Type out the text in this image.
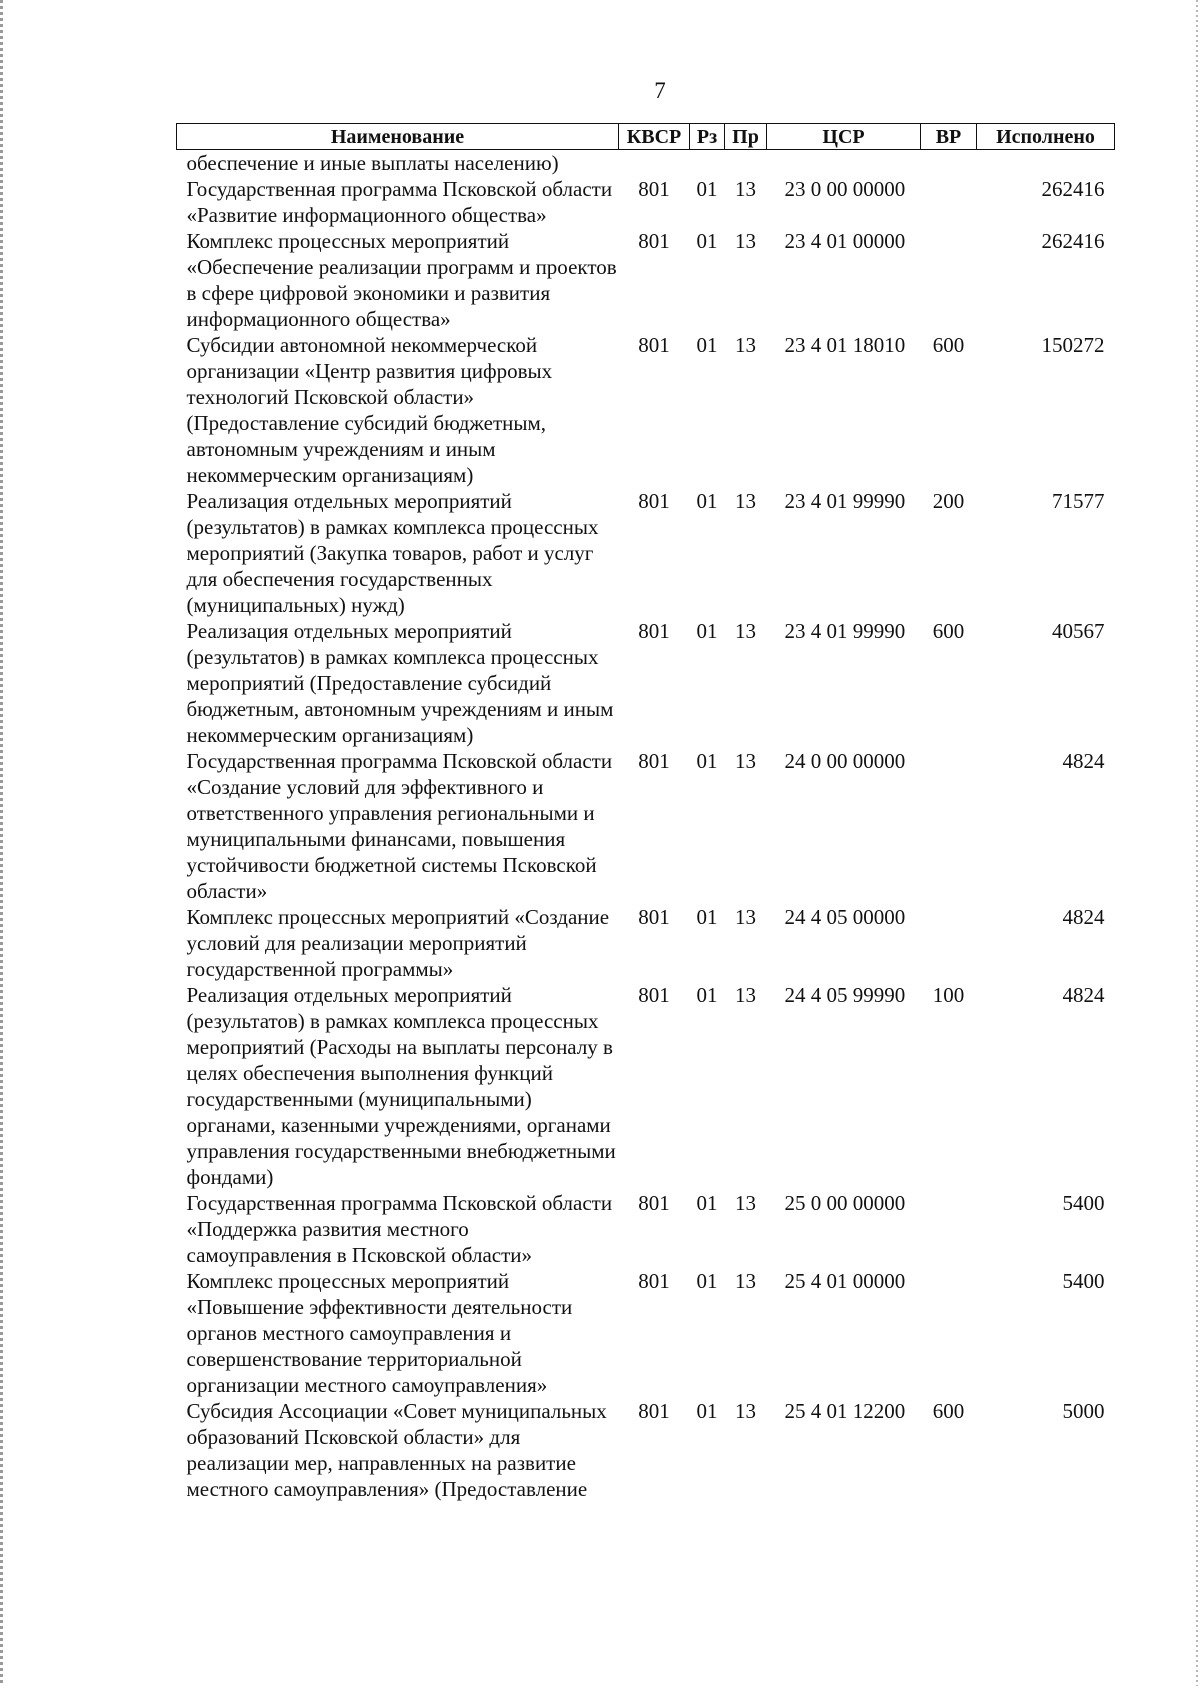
7
Наименование	КВСР	Рз	Пр	ЦСР	ВР	Исполнено
обеспечение и иные выплаты населению)						
Государственная программа Псковской области «Развитие информационного общества»	801	01	13	23 0 00 00000		262416
Комплекс процессных мероприятий «Обеспечение реализации программ и проектов в сфере цифровой экономики и развития информационного общества»	801	01	13	23 4 01 00000		262416
Субсидии автономной некоммерческой организации «Центр развития цифровых технологий Псковской области» (Предоставление субсидий бюджетным, автономным учреждениям и иным некоммерческим организациям)	801	01	13	23 4 01 18010	600	150272
Реализация отдельных мероприятий (результатов) в рамках комплекса процессных мероприятий (Закупка товаров, работ и услуг для обеспечения государственных (муниципальных) нужд)	801	01	13	23 4 01 99990	200	71577
Реализация отдельных мероприятий (результатов) в рамках комплекса процессных мероприятий (Предоставление субсидий бюджетным, автономным учреждениям и иным некоммерческим организациям)	801	01	13	23 4 01 99990	600	40567
Государственная программа Псковской области «Создание условий для эффективного и ответственного управления региональными и муниципальными финансами, повышения устойчивости бюджетной системы Псковской области»	801	01	13	24 0 00 00000		4824
Комплекс процессных мероприятий «Создание условий для реализации мероприятий государственной программы»	801	01	13	24 4 05 00000		4824
Реализация отдельных мероприятий (результатов) в рамках комплекса процессных мероприятий (Расходы на выплаты персоналу в целях обеспечения выполнения функций государственными (муниципальными) органами, казенными учреждениями, органами управления государственными внебюджетными фондами)	801	01	13	24 4 05 99990	100	4824
Государственная программа Псковской области «Поддержка развития местного самоуправления в Псковской области»	801	01	13	25 0 00 00000		5400
Комплекс процессных мероприятий «Повышение эффективности деятельности органов местного самоуправления и совершенствование территориальной организации местного самоуправления»	801	01	13	25 4 01 00000		5400
Субсидия Ассоциации «Совет муниципальных образований Псковской области» для реализации мер, направленных на развитие местного самоуправления» (Предоставление	801	01	13	25 4 01 12200	600	5000
